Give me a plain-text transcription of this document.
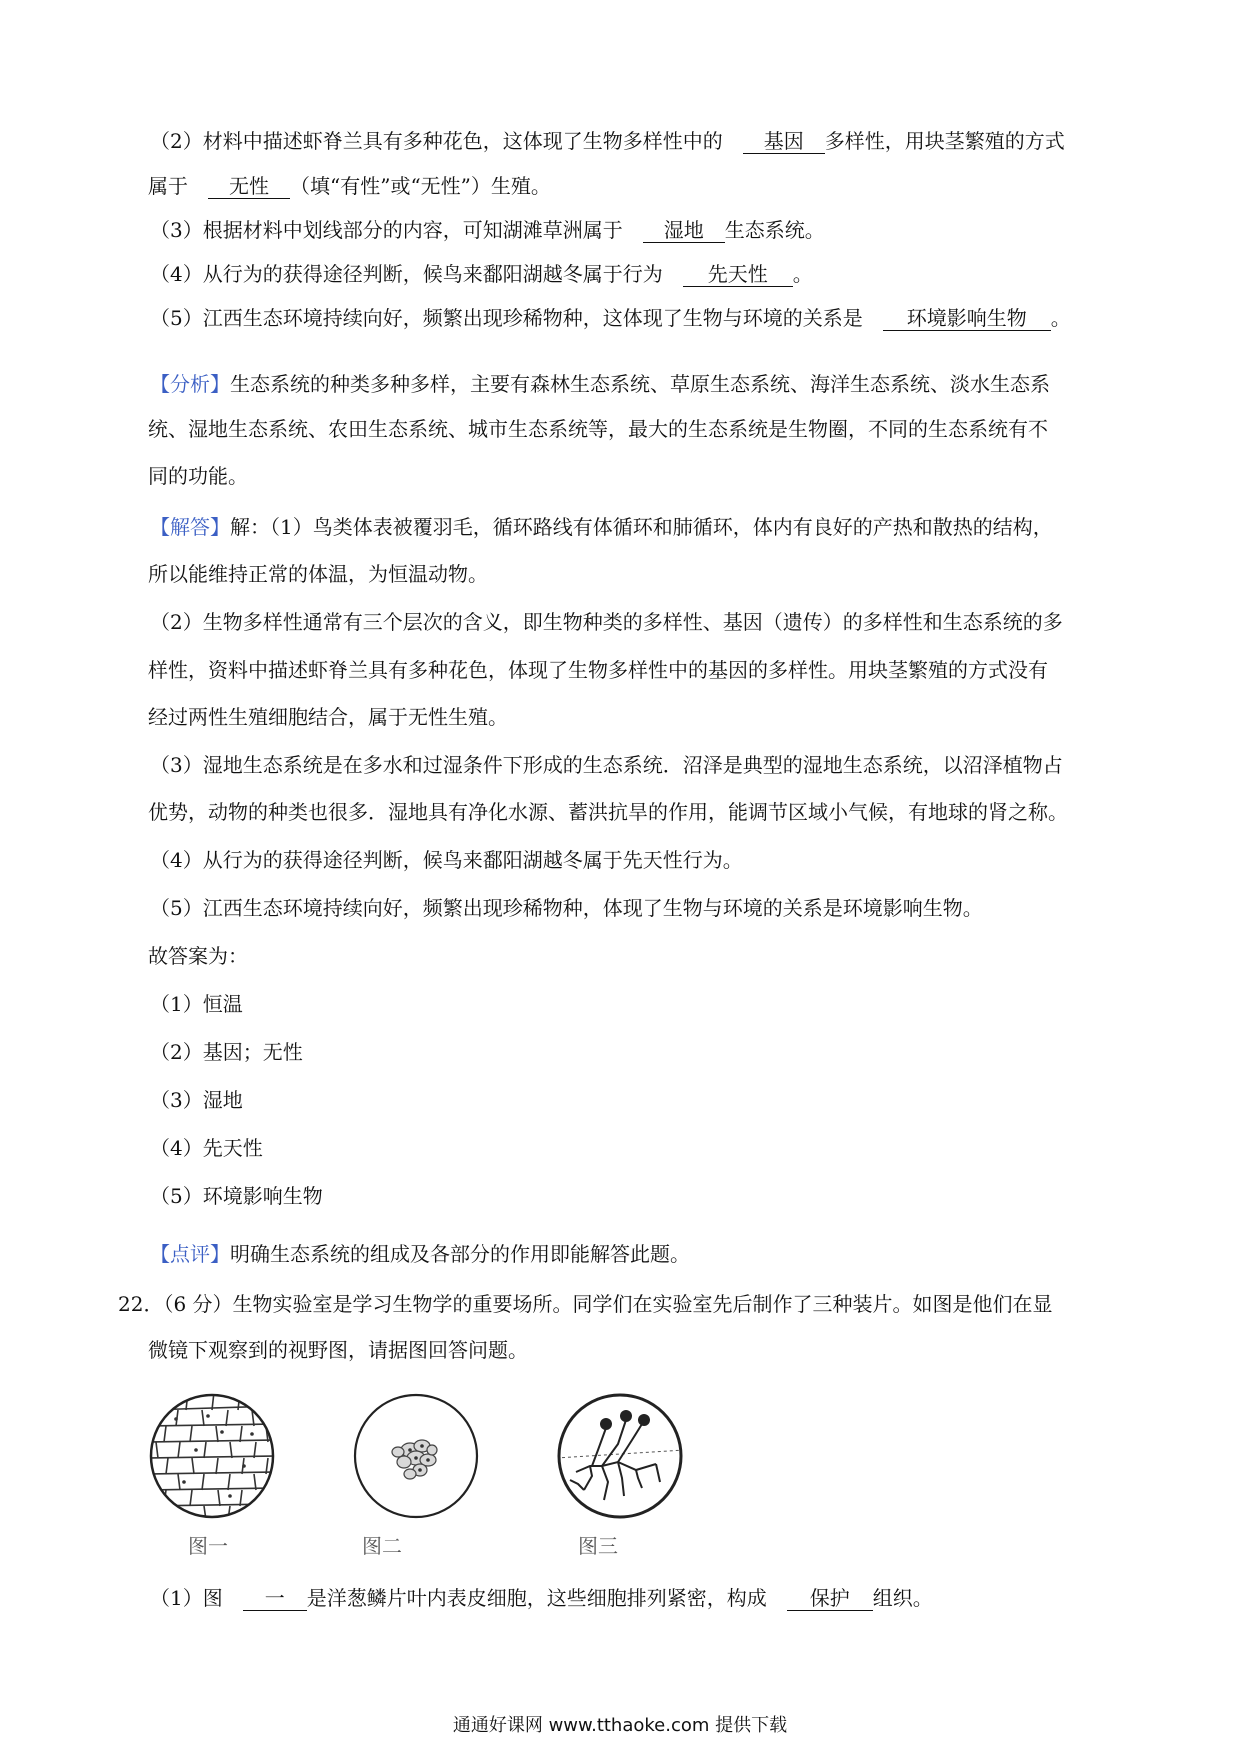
（2）材料中描述虾脊兰具有多种花色，这体现了生物多样性中的　 基因 多样性，用块茎繁殖的方式
属于　 无性 （填“有性”或“无性”）生殖。
（3）根据材料中划线部分的内容，可知湖滩草洲属于　 湿地 生态系统。
（4）从行为的获得途径判断，候鸟来鄱阳湖越冬属于行为　 先天性 。
（5）江西生态环境持续向好，频繁出现珍稀物种，这体现了生物与环境的关系是　 环境影响生物 。
【分析】生态系统的种类多种多样，主要有森林生态系统、草原生态系统、海洋生态系统、淡水生态系
统、湿地生态系统、农田生态系统、城市生态系统等，最大的生态系统是生物圈，不同的生态系统有不
同的功能。
【解答】解：（1）鸟类体表被覆羽毛，循环路线有体循环和肺循环，体内有良好的产热和散热的结构，
所以能维持正常的体温，为恒温动物。
（2）生物多样性通常有三个层次的含义，即生物种类的多样性、基因（遗传）的多样性和生态系统的多
样性，资料中描述虾脊兰具有多种花色，体现了生物多样性中的基因的多样性。用块茎繁殖的方式没有
经过两性生殖细胞结合，属于无性生殖。
（3）湿地生态系统是在多水和过湿条件下形成的生态系统．沼泽是典型的湿地生态系统，以沼泽植物占
优势，动物的种类也很多．湿地具有净化水源、蓄洪抗旱的作用，能调节区域小气候，有地球的肾之称。
（4）从行为的获得途径判断，候鸟来鄱阳湖越冬属于先天性行为。
（5）江西生态环境持续向好，频繁出现珍稀物种，体现了生物与环境的关系是环境影响生物。
故答案为：
（1）恒温
（2）基因；无性
（3）湿地
（4）先天性
（5）环境影响生物
【点评】明确生态系统的组成及各部分的作用即能解答此题。
22．（6 分）生物实验室是学习生物学的重要场所。同学们在实验室先后制作了三种装片。如图是他们在显
微镜下观察到的视野图，请据图回答问题。
图一	图二	图三
（1）图　 一 是洋葱鳞片叶内表皮细胞，这些细胞排列紧密，构成　 保护 组织。
通通好课网 www.tthaoke.com 提供下载
